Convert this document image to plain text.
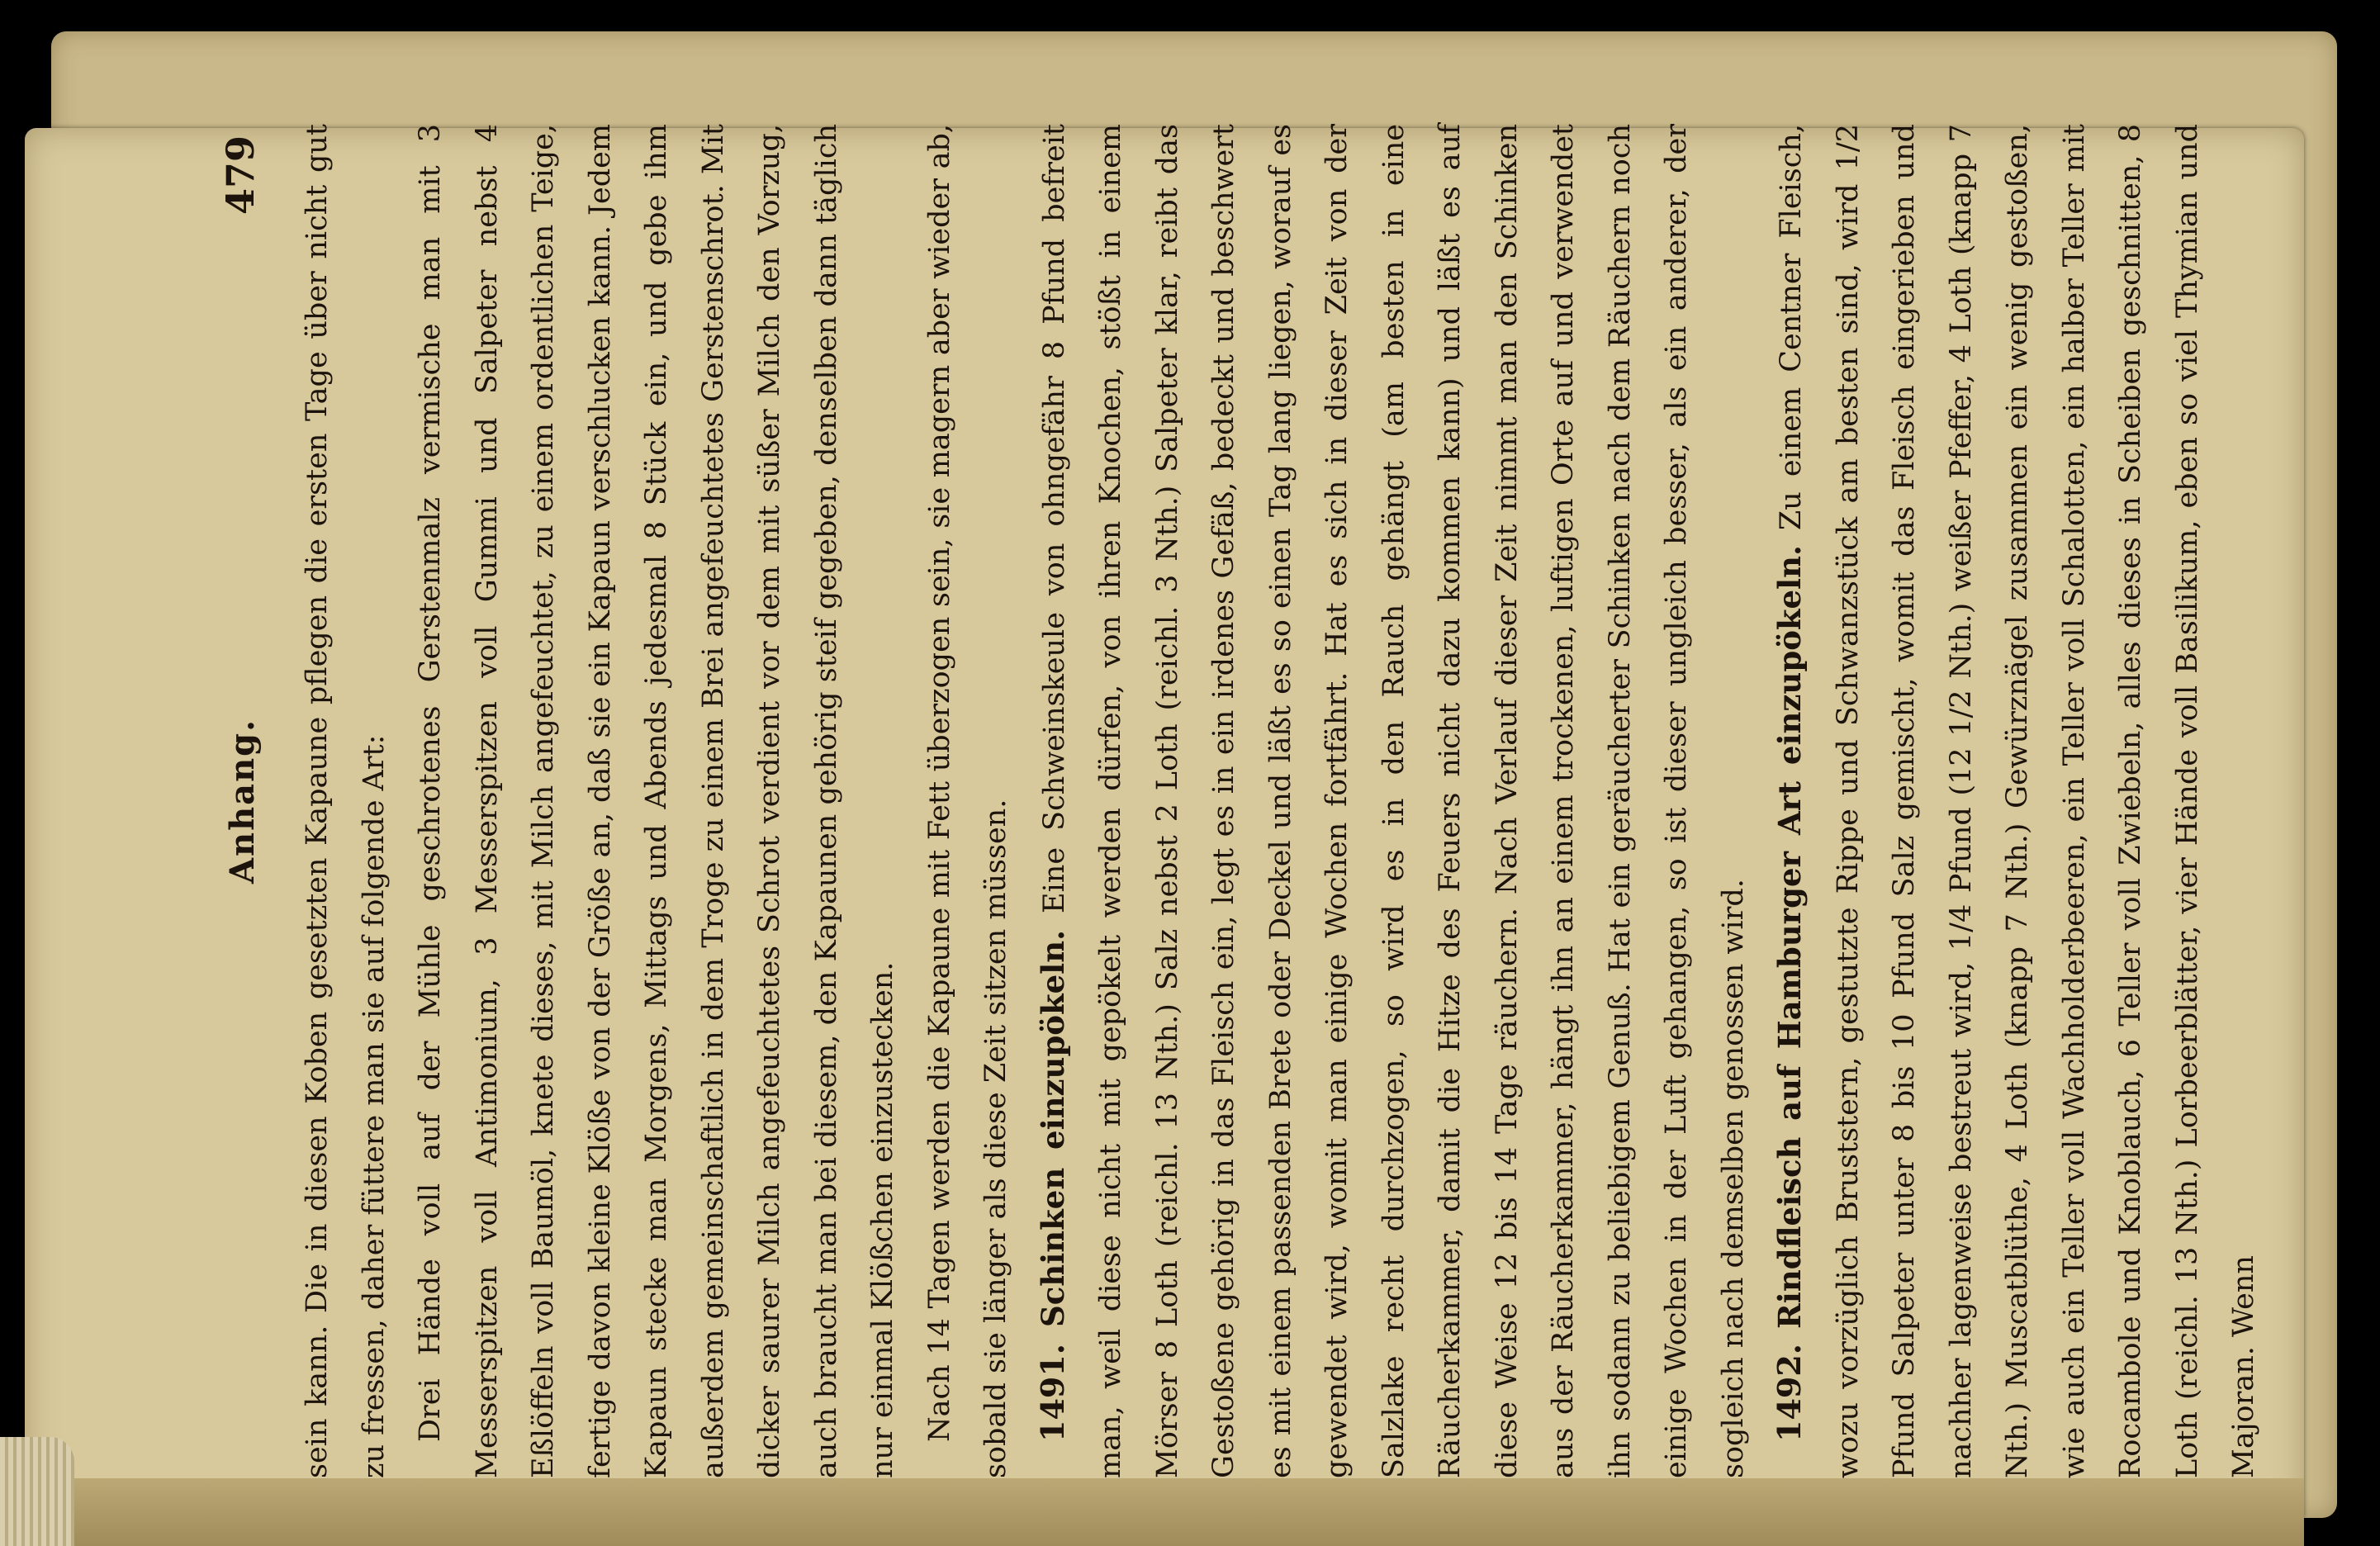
Anhang.
479	sein kann. Die in diesen Koben gesetzten Kapaune pflegen die ersten Tage über nicht gut zu fressen, daher füttere man sie auf folgende Art: Drei Hände voll auf der Mühle geschrotenes Gerstenmalz vermische man mit 3 Messerspitzen voll Antimonium, 3 Messerspitzen voll Gummi und Salpeter nebst 4 Eßlöffeln voll Baumöl, knete dieses, mit Milch angefeuchtet, zu einem ordentlichen Teige, fertige davon kleine Klöße von der Größe an, daß sie ein Kapaun verschlucken kann. Jedem Kapaun stecke man Morgens, Mittags und Abends jedesmal 8 Stück ein, und gebe ihm außerdem gemeinschaftlich in dem Troge zu einem Brei angefeuchtetes Gerstenschrot. Mit dicker saurer Milch angefeuchtetes Schrot verdient vor dem mit süßer Milch den Vorzug, auch braucht man bei diesem, den Kapaunen gehörig steif gegeben, denselben dann täglich nur einmal Klößchen einzustecken. Nach 14 Tagen werden die Kapaune mit Fett überzogen sein, sie magern aber wieder ab, sobald sie länger als diese Zeit sitzen müssen. 1491. Schinken einzupökeln. Eine Schweinskeule von ohngefähr 8 Pfund befreit man, weil diese nicht mit gepökelt werden dürfen, von ihren Knochen, stößt in einem Mörser 8 Loth (reichl. 13 Nth.) Salz nebst 2 Loth (reichl. 3 Nth.) Salpeter klar, reibt das Gestoßene gehörig in das Fleisch ein, legt es in ein irdenes Gefäß, bedeckt und beschwert es mit einem passenden Brete oder Deckel und läßt es so einen Tag lang liegen, worauf es gewendet wird, womit man einige Wochen fortfährt. Hat es sich in dieser Zeit von der Salzlake recht durchzogen, so wird es in den Rauch gehängt (am besten in eine Räucherkammer, damit die Hitze des Feuers nicht dazu kommen kann) und läßt es auf diese Weise 12 bis 14 Tage räuchern. Nach Verlauf dieser Zeit nimmt man den Schinken aus der Räucherkammer, hängt ihn an einem trockenen, luftigen Orte auf und verwendet ihn sodann zu beliebigem Genuß. Hat ein geräucherter Schinken nach dem Räuchern noch einige Wochen in der Luft gehangen, so ist dieser ungleich besser, als ein anderer, der sogleich nach demselben genossen wird. 1492. Rindfleisch auf Hamburger Art einzupökeln. Zu einem Centner Fleisch, wozu vorzüglich Bruststern, gestutzte Rippe und Schwanzstück am besten sind, wird 1/2 Pfund Salpeter unter 8 bis 10 Pfund Salz gemischt, womit das Fleisch eingerieben und nachher lagenweise bestreut wird, 1/4 Pfund (12 1/2 Nth.) weißer Pfeffer, 4 Loth (knapp 7 Nth.) Muscatblüthe, 4 Loth (knapp 7 Nth.) Gewürznägel zusammen ein wenig gestoßen, wie auch ein Teller voll Wachholderbeeren, ein Teller voll Schalotten, ein halber Teller mit Rocambole und Knoblauch, 6 Teller voll Zwiebeln, alles dieses in Scheiben geschnitten, 8 Loth (reichl. 13 Nth.) Lorbeerblätter, vier Hände voll Basilikum, eben so viel Thymian und Majoran. Wenn
